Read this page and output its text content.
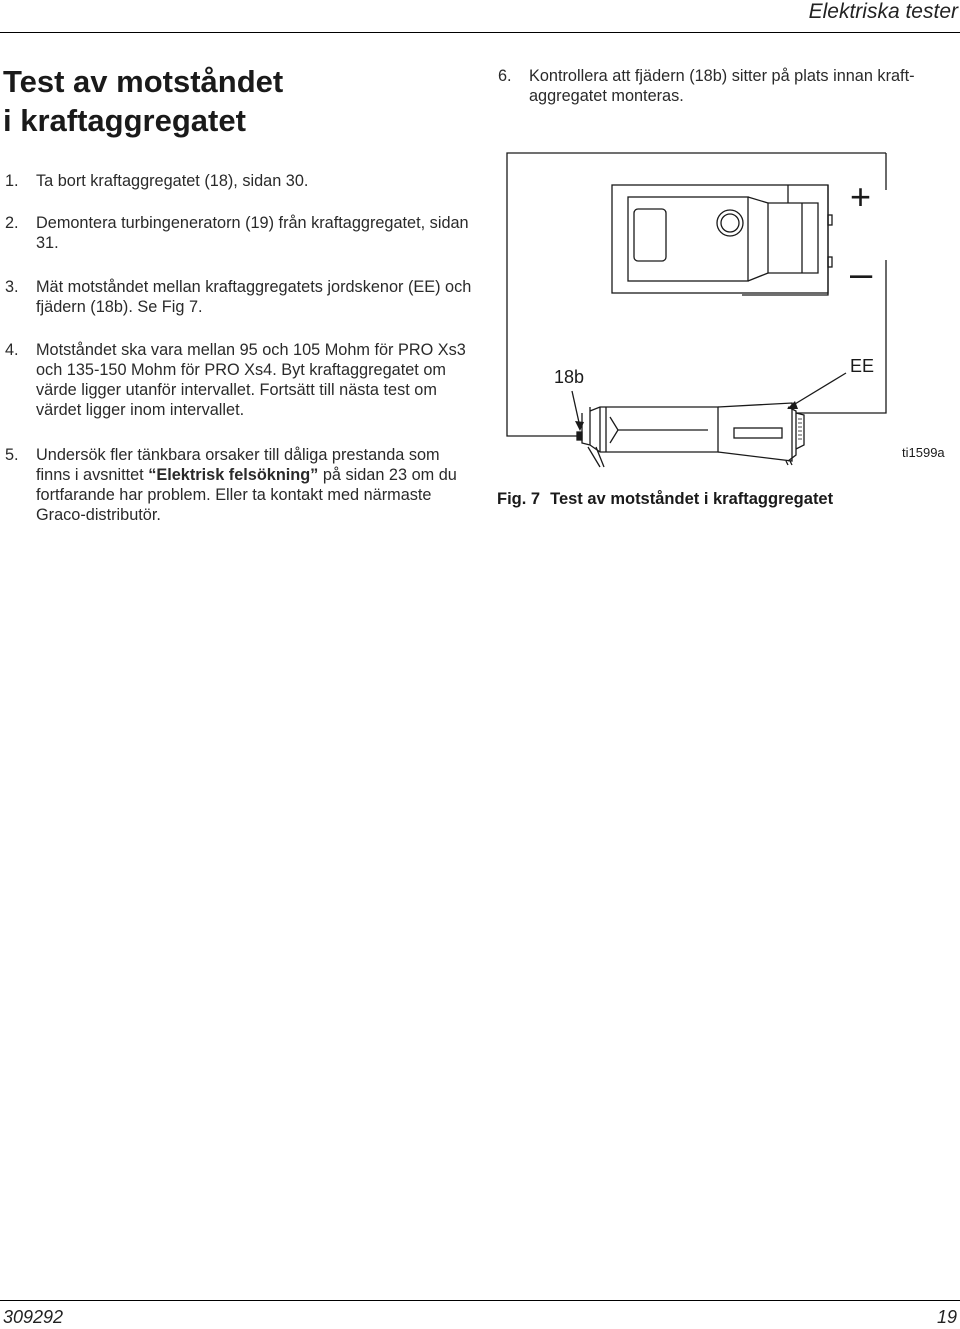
Elektriska tester
Test av motståndet
i kraftaggregatet
1. Ta bort kraftaggregatet (18), sidan 30.
2. Demontera turbingeneratorn (19) från kraftaggregatet, sidan 31.
3. Mät motståndet mellan kraftaggregatets jordskenor (EE) och fjädern (18b). Se Fig 7.
4. Motståndet ska vara mellan 95 och 105 Mohm för PRO Xs3 och 135-150 Mohm för PRO Xs4. Byt kraftaggregatet om värde ligger utanför intervallet. Fortsätt till nästa test om värdet ligger inom intervallet.
5. Undersök fler tänkbara orsaker till dåliga prestanda som finns i avsnittet “Elektrisk felsökning” på sidan 23 om du fortfarande har problem. Eller ta kontakt med närmaste Graco-distributör.
6. Kontrollera att fjädern (18b) sitter på plats innan kraft-aggregatet monteras.
+
–
18b
EE
ti1599a
Fig. 7 Test av motståndet i kraftaggregatet
309292	19
